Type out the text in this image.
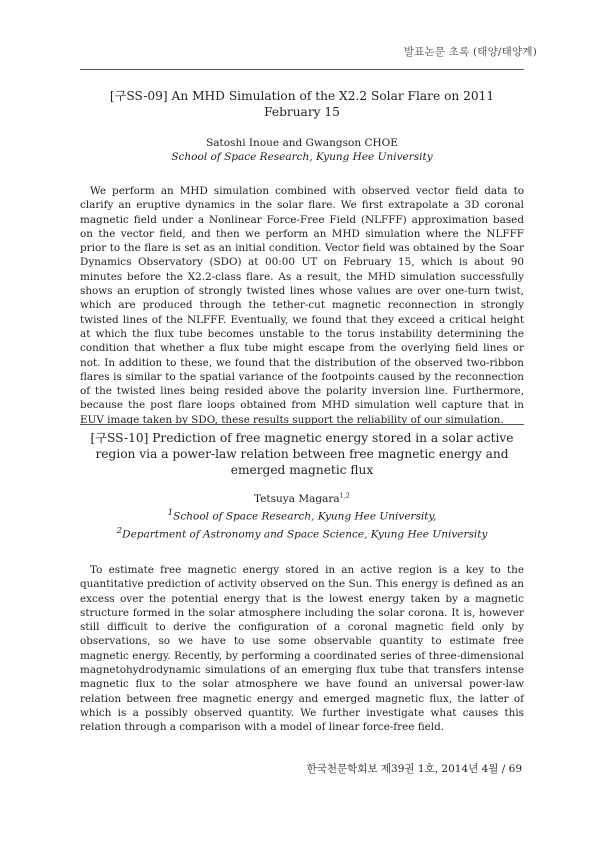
발표논문 초록 (태양/태양계)
[구SS-09] An MHD Simulation of the X2.2 Solar Flare on 2011 February 15
Satoshi Inoue and Gwangson CHOE
School of Space Research, Kyung Hee University

We perform an MHD simulation combined with observed vector field data to clarify an eruptive dynamics in the solar flare. We first extrapolate a 3D coronal magnetic field under a Nonlinear Force-Free Field (NLFFF) approximation based on the vector field, and then we perform an MHD simulation where the NLFFF prior to the flare is set as an initial condition. Vector field was obtained by the Soar Dynamics Observatory (SDO) at 00:00 UT on February 15, which is about 90 minutes before the X2.2-class flare. As a result, the MHD simulation successfully shows an eruption of strongly twisted lines whose values are over one-turn twist, which are produced through the tether-cut magnetic reconnection in strongly twisted lines of the NLFFF. Eventually, we found that they exceed a critical height at which the flux tube becomes unstable to the torus instability determining the condition that whether a flux tube might escape from the overlying field lines or not. In addition to these, we found that the distribution of the observed two-ribbon flares is similar to the spatial variance of the footpoints caused by the reconnection of the twisted lines being resided above the polarity inversion line. Furthermore, because the post flare loops obtained from MHD simulation well capture that in EUV image taken by SDO, these results support the reliability of our simulation.

[구SS-10] Prediction of free magnetic energy stored in a solar active region via a power-law relation between free magnetic energy and emerged magnetic flux
Tetsuya Magara$^{1,2}$
$^1$School of Space Research, Kyung Hee University,
$^2$Department of Astronomy and Space Science, Kyung Hee University

To estimate free magnetic energy stored in an active region is a key to the quantitative prediction of activity observed on the Sun. This energy is defined as an excess over the potential energy that is the lowest energy taken by a magnetic structure formed in the solar atmosphere including the solar corona. It is, however still difficult to derive the configuration of a coronal magnetic field only by observations, so we have to use some observable quantity to estimate free magnetic energy. Recently, by performing a coordinated series of three-dimensional magnetohydrodynamic simulations of an emerging flux tube that transfers intense magnetic flux to the solar atmosphere we have found an universal power-law relation between free magnetic energy and emerged magnetic flux, the latter of which is a possibly observed quantity. We further investigate what causes this relation through a comparison with a model of linear force-free field.

한국천문학회보 제39권 1호, 2014년 4월 / 69
